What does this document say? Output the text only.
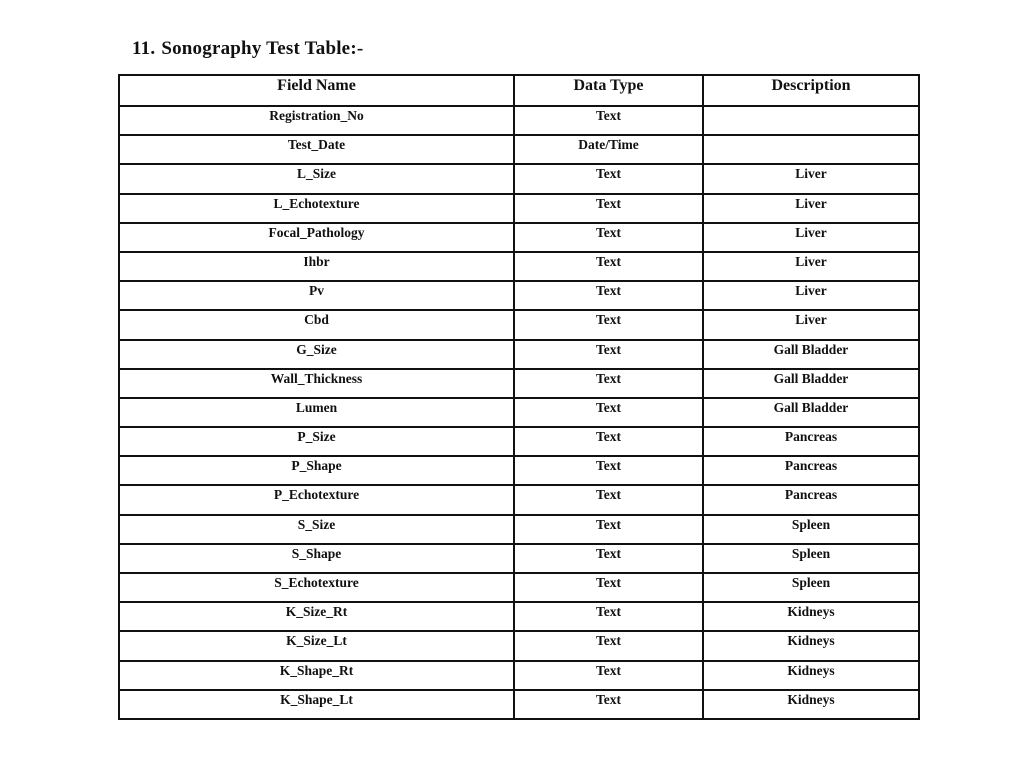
11. Sonography Test Table:-
Field Name	Data Type	Description
Registration_No	Text	
Test_Date	Date/Time	
L_Size	Text	Liver
L_Echotexture	Text	Liver
Focal_Pathology	Text	Liver
Ihbr	Text	Liver
Pv	Text	Liver
Cbd	Text	Liver
G_Size	Text	Gall Bladder
Wall_Thickness	Text	Gall Bladder
Lumen	Text	Gall Bladder
P_Size	Text	Pancreas
P_Shape	Text	Pancreas
P_Echotexture	Text	Pancreas
S_Size	Text	Spleen
S_Shape	Text	Spleen
S_Echotexture	Text	Spleen
K_Size_Rt	Text	Kidneys
K_Size_Lt	Text	Kidneys
K_Shape_Rt	Text	Kidneys
K_Shape_Lt	Text	Kidneys
